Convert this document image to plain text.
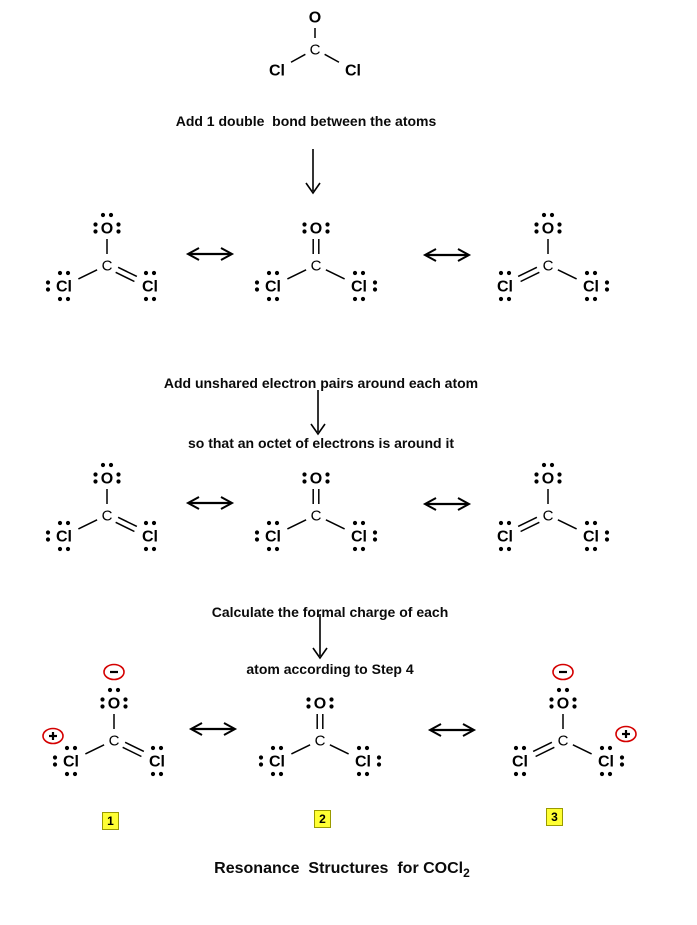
O
C
Cl	Cl
Add 1 double  bond between the atoms
O
C
Cl	Cl
O
C
Cl	Cl
O
C
Cl	Cl

Add unshared electron pairs around each atom

so that an octet of electrons is around it

O
C
Cl	Cl
O
C
Cl	Cl
O
C
Cl	Cl

Calculate the formal charge of each

atom according to Step 4

O
C
Cl	Cl
O
C
Cl	Cl
O
C
Cl	Cl
1	2	3
Resonance  Structures  for COCl$_2$
